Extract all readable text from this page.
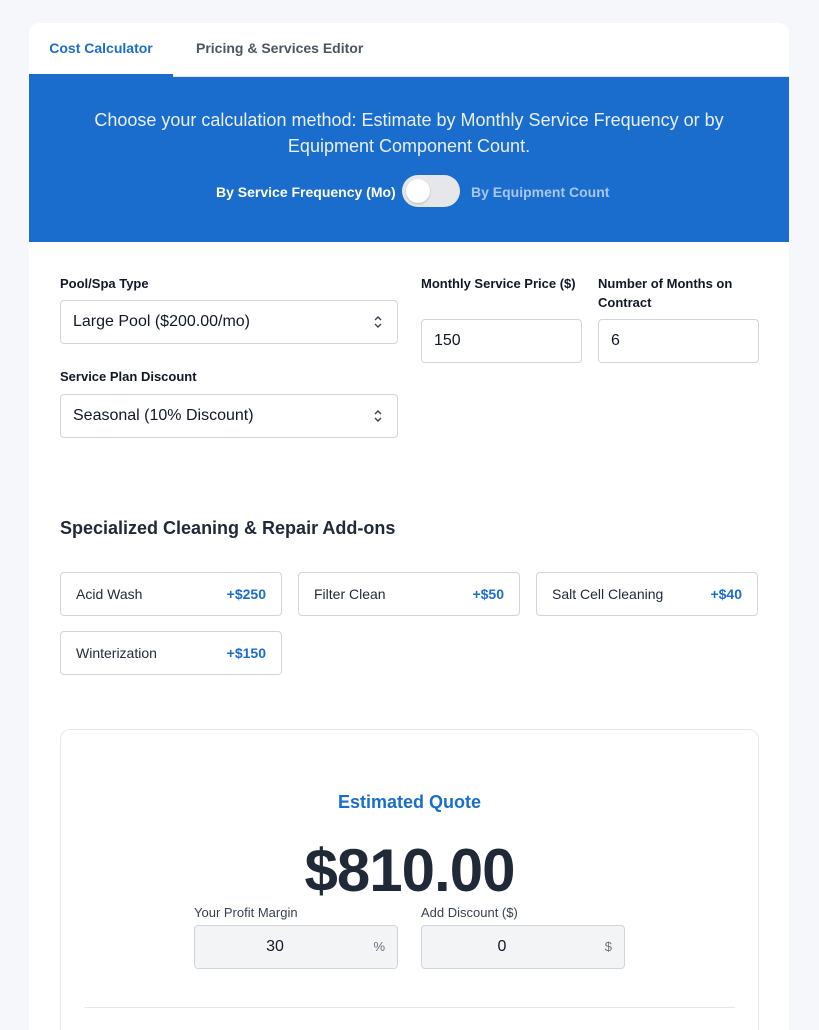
Cost Calculator	Pricing & Services Editor
Choose your calculation method: Estimate by Monthly Service Frequency or by Equipment Component Count.
By Service Frequency (Mo)	By Equipment Count
Pool/Spa Type
Large Pool ($200.00/mo)
Service Plan Discount
Seasonal (10% Discount)
Monthly Service Price ($)
150
Number of Months on Contract
6
Specialized Cleaning & Repair Add-ons
Acid Wash	+$250	Filter Clean	+$50	Salt Cell Cleaning	+$40
Winterization	+$150
Estimated Quote
$810.00
Your Profit Margin
30	%
Add Discount ($)
0	$
